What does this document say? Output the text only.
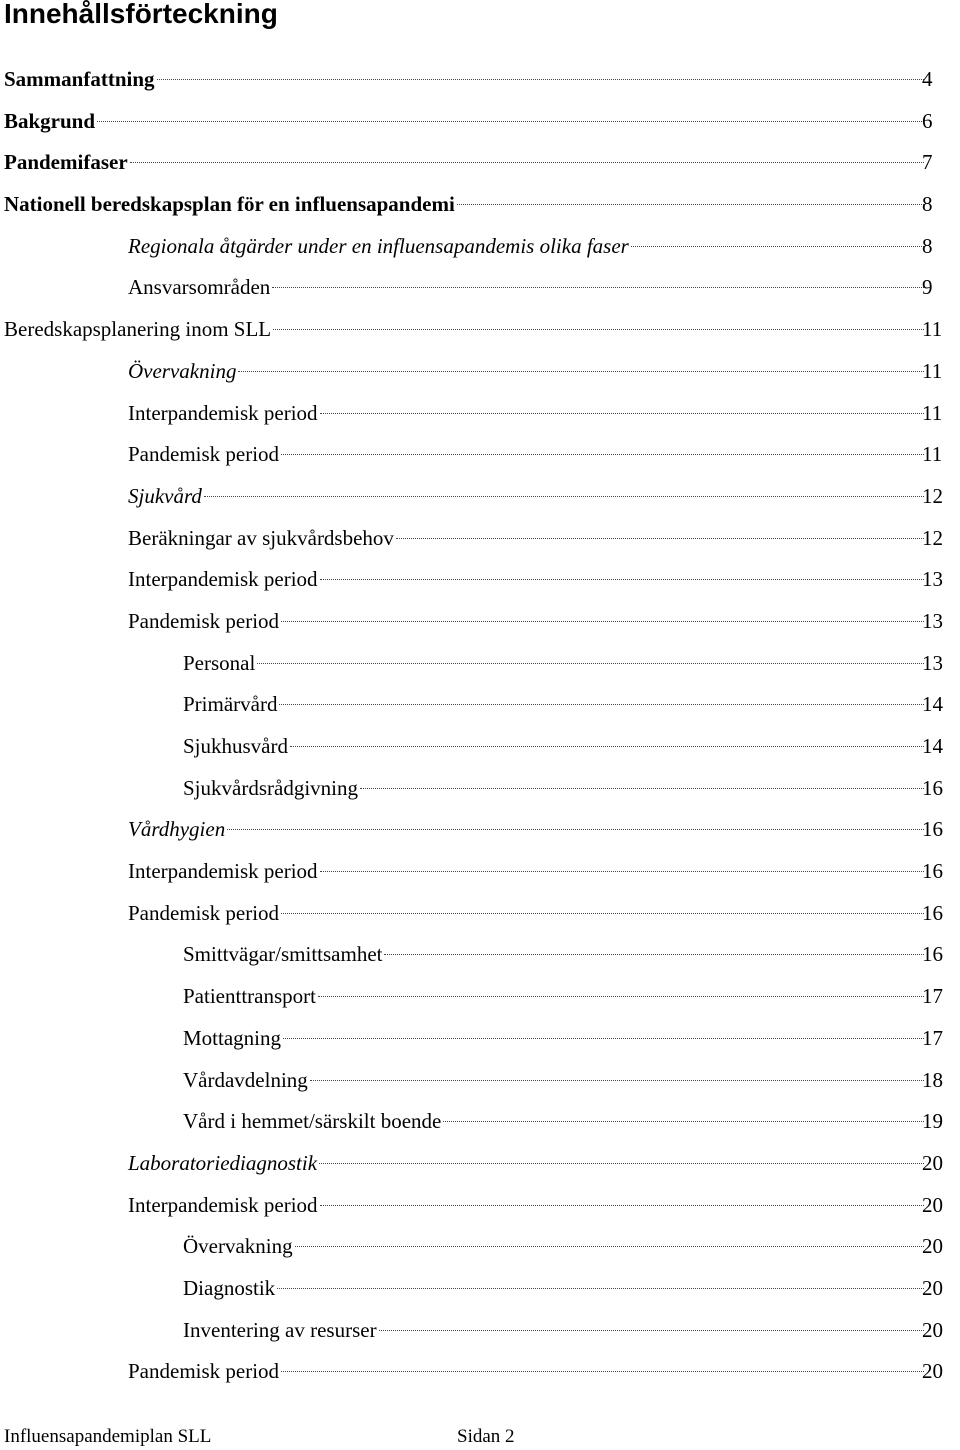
Innehållsförteckning
Sammanfattning	4
Bakgrund	6
Pandemifaser	7
Nationell beredskapsplan för en influensapandemi	8
Regionala åtgärder under en influensapandemis olika faser	8
Ansvarsområden	9
Beredskapsplanering inom SLL	11
Övervakning	11
Interpandemisk period	11
Pandemisk period	11
Sjukvård	12
Beräkningar av sjukvårdsbehov	12
Interpandemisk period	13
Pandemisk period	13
Personal	13
Primärvård	14
Sjukhusvård	14
Sjukvårdsrådgivning	16
Vårdhygien	16
Interpandemisk period	16
Pandemisk period	16
Smittvägar/smittsamhet	16
Patienttransport	17
Mottagning	17
Vårdavdelning	18
Vård i hemmet/särskilt boende	19
Laboratoriediagnostik	20
Interpandemisk period	20
Övervakning	20
Diagnostik	20
Inventering av resurser	20
Pandemisk period	20
Influensapandemiplan SLL	Sidan 2
